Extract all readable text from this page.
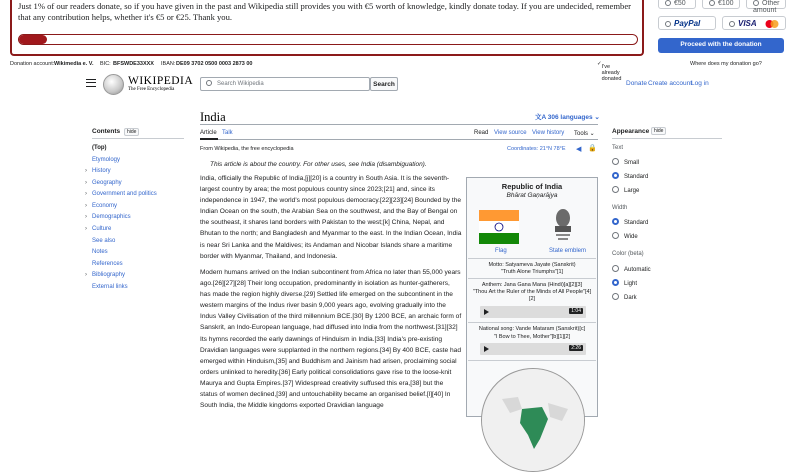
Just 1% of our readers donate, so if you have given in the past and Wikipedia still provides you with €5 worth of knowledge, kindly donate today. If you are undecided, remember that any contribution helps, whether it's €5 or €25. Thank you.
€50	€100	Other amount
PayPal	VISA
Proceed with the donation
Donation account: Wikimedia e. V. BIC: BFSWDE33XXX IBAN: DE09 3702 0500 0003 2873 00	✓ I've already donated
Where does my donation go?
WIKIPEDIA
The Free Encyclopedia
Search Wikipedia	Search	Donate Create account
Log in
India	文A 306 languages ⌄
Article Talk	Read View source View history Tools ⌄
From Wikipedia, the free encyclopedia	Coordinates: 21°N 78°E ◀ 🔒
This article is about the country. For other uses, see India (disambiguation).
Contents	hide
(Top)
Etymology
› History
› Geography
› Government and politics
› Economy
› Demographics
› Culture
See also
Notes
References
› Bibliography
External links
India, officially the Republic of India,[j][20] is a country in South Asia. It is the seventh-largest country by area; the most populous country since 2023;[21] and, since its independence in 1947, the world's most populous democracy.[22][23][24] Bounded by the Indian Ocean on the south, the Arabian Sea on the southwest, and the Bay of Bengal on the southeast, it shares land borders with Pakistan to the west;[k] China, Nepal, and Bhutan to the north; and Bangladesh and Myanmar to the east. In the Indian Ocean, India is near Sri Lanka and the Maldives; its Andaman and Nicobar Islands share a maritime border with Myanmar, Thailand, and Indonesia.
Modern humans arrived on the Indian subcontinent from Africa no later than 55,000 years ago.[26][27][28] Their long occupation, predominantly in isolation as hunter-gatherers, has made the region highly diverse.[29] Settled life emerged on the subcontinent in the western margins of the Indus river basin 9,000 years ago, evolving gradually into the Indus Valley Civilisation of the third millennium BCE.[30] By 1200 BCE, an archaic form of Sanskrit, an Indo-European language, had diffused into India from the northwest.[31][32] Its hymns recorded the early dawnings of Hinduism in India.[33] India's pre-existing Dravidian languages were supplanted in the northern regions.[34] By 400 BCE, caste had emerged within Hinduism,[35] and Buddhism and Jainism had arisen, proclaiming social orders unlinked to heredity.[36] Early political consolidations gave rise to the loose-knit Maurya and Gupta Empires.[37] Widespread creativity suffused this era,[38] but the status of women declined,[39] and untouchability became an organised belief.[l][40] In South India, the Middle kingdoms exported Dravidian language
Republic of India
Bhārat Gaṇarājya
Flag	State emblem
Motto: Satyameva Jayate (Sanskrit)
"Truth Alone Triumphs"[1]
Anthem: Jana Gana Mana (Hindi)[a][2][3]
"Thou Art the Ruler of the Minds of All People"[4][2]
1:04
National song: Vande Mataram (Sanskrit)[c]
"I Bow to Thee, Mother"[b][1][2]
2:26
Appearance hide
Text
Small
Standard
Large
Width
Standard
Wide
Color (beta)
Automatic
Light
Dark
